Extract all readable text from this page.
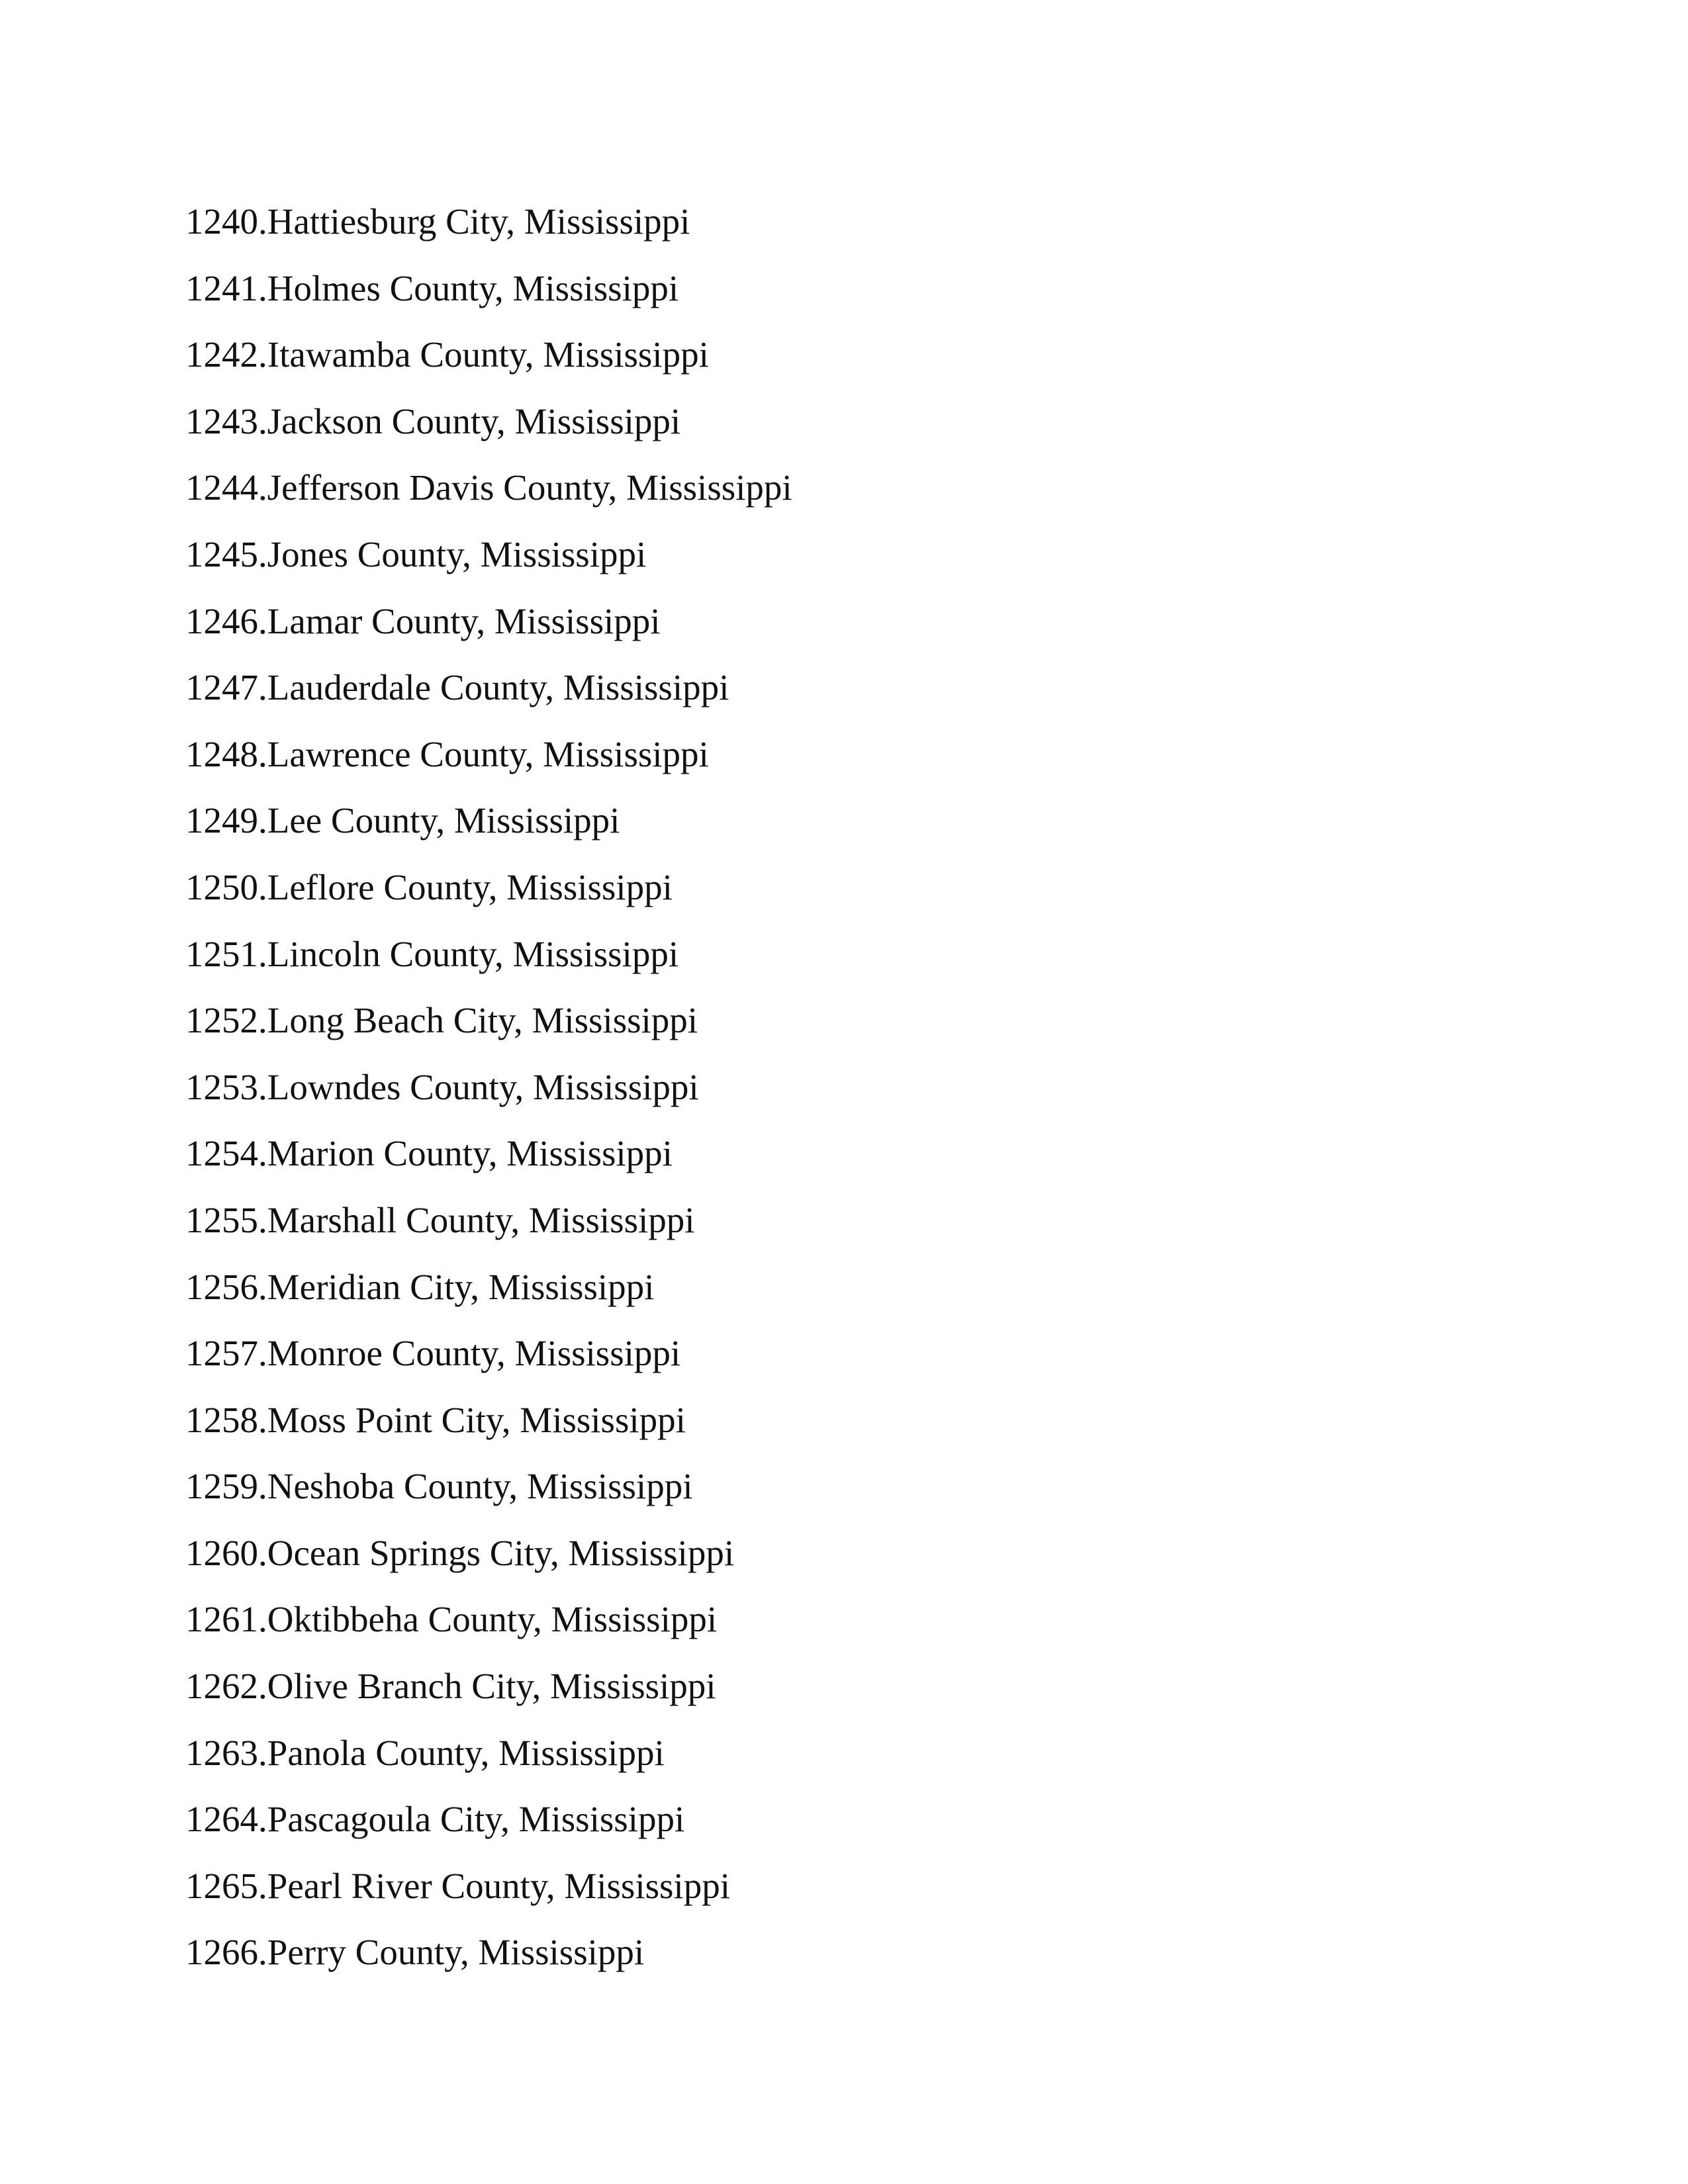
1240.Hattiesburg City, Mississippi
1241.Holmes County, Mississippi
1242.Itawamba County, Mississippi
1243.Jackson County, Mississippi
1244.Jefferson Davis County, Mississippi
1245.Jones County, Mississippi
1246.Lamar County, Mississippi
1247.Lauderdale County, Mississippi
1248.Lawrence County, Mississippi
1249.Lee County, Mississippi
1250.Leflore County, Mississippi
1251.Lincoln County, Mississippi
1252.Long Beach City, Mississippi
1253.Lowndes County, Mississippi
1254.Marion County, Mississippi
1255.Marshall County, Mississippi
1256.Meridian City, Mississippi
1257.Monroe County, Mississippi
1258.Moss Point City, Mississippi
1259.Neshoba County, Mississippi
1260.Ocean Springs City, Mississippi
1261.Oktibbeha County, Mississippi
1262.Olive Branch City, Mississippi
1263.Panola County, Mississippi
1264.Pascagoula City, Mississippi
1265.Pearl River County, Mississippi
1266.Perry County, Mississippi
